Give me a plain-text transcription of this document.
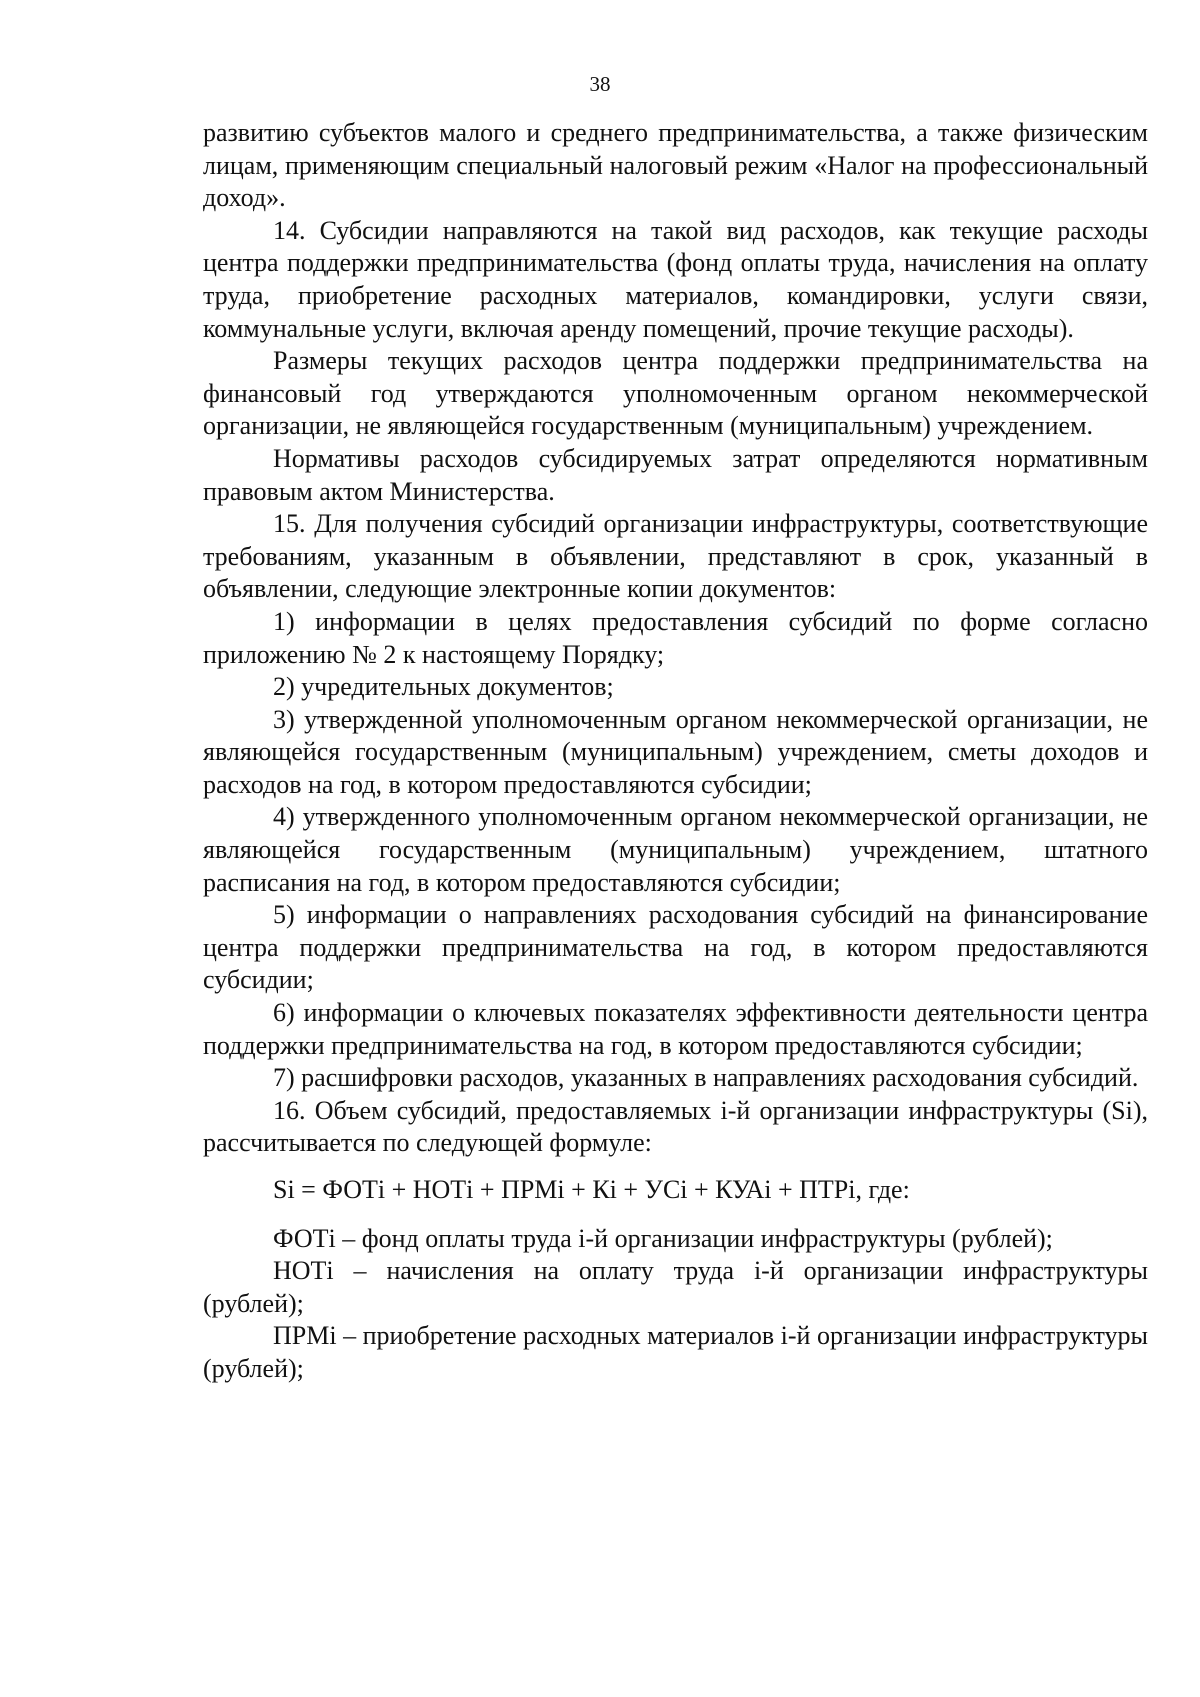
38

развитию субъектов малого и среднего предпринимательства, а также физическим лицам, применяющим специальный налоговый режим «Налог на профессиональный доход».

14. Субсидии направляются на такой вид расходов, как текущие расходы центра поддержки предпринимательства (фонд оплаты труда, начисления на оплату труда, приобретение расходных материалов, командировки, услуги связи, коммунальные услуги, включая аренду помещений, прочие текущие расходы).

Размеры текущих расходов центра поддержки предпринимательства на финансовый год утверждаются уполномоченным органом некоммерческой организации, не являющейся государственным (муниципальным) учреждением.

Нормативы расходов субсидируемых затрат определяются нормативным правовым актом Министерства.

15. Для получения субсидий организации инфраструктуры, соответствующие требованиям, указанным в объявлении, представляют в срок, указанный в объявлении, следующие электронные копии документов:

1) информации в целях предоставления субсидий по форме согласно приложению № 2 к настоящему Порядку;

2) учредительных документов;

3) утвержденной уполномоченным органом некоммерческой организации, не являющейся государственным (муниципальным) учреждением, сметы доходов и расходов на год, в котором предоставляются субсидии;

4) утвержденного уполномоченным органом некоммерческой организации, не являющейся государственным (муниципальным) учреждением, штатного расписания на год, в котором предоставляются субсидии;

5) информации о направлениях расходования субсидий на финансирование центра поддержки предпринимательства на год, в котором предоставляются субсидии;

6) информации о ключевых показателях эффективности деятельности центра поддержки предпринимательства на год, в котором предоставляются субсидии;

7) расшифровки расходов, указанных в направлениях расходования субсидий.

16. Объем субсидий, предоставляемых i-й организации инфраструктуры (Si), рассчитывается по следующей формуле:

Si = ФОТi + НОТi + ПРМi + Кi + УСi + КУАi + ПТРi, где:

ФОТi – фонд оплаты труда i-й организации инфраструктуры (рублей);

НОТi – начисления на оплату труда i-й организации инфраструктуры (рублей);

ПРМi – приобретение расходных материалов i-й организации инфраструктуры (рублей);
